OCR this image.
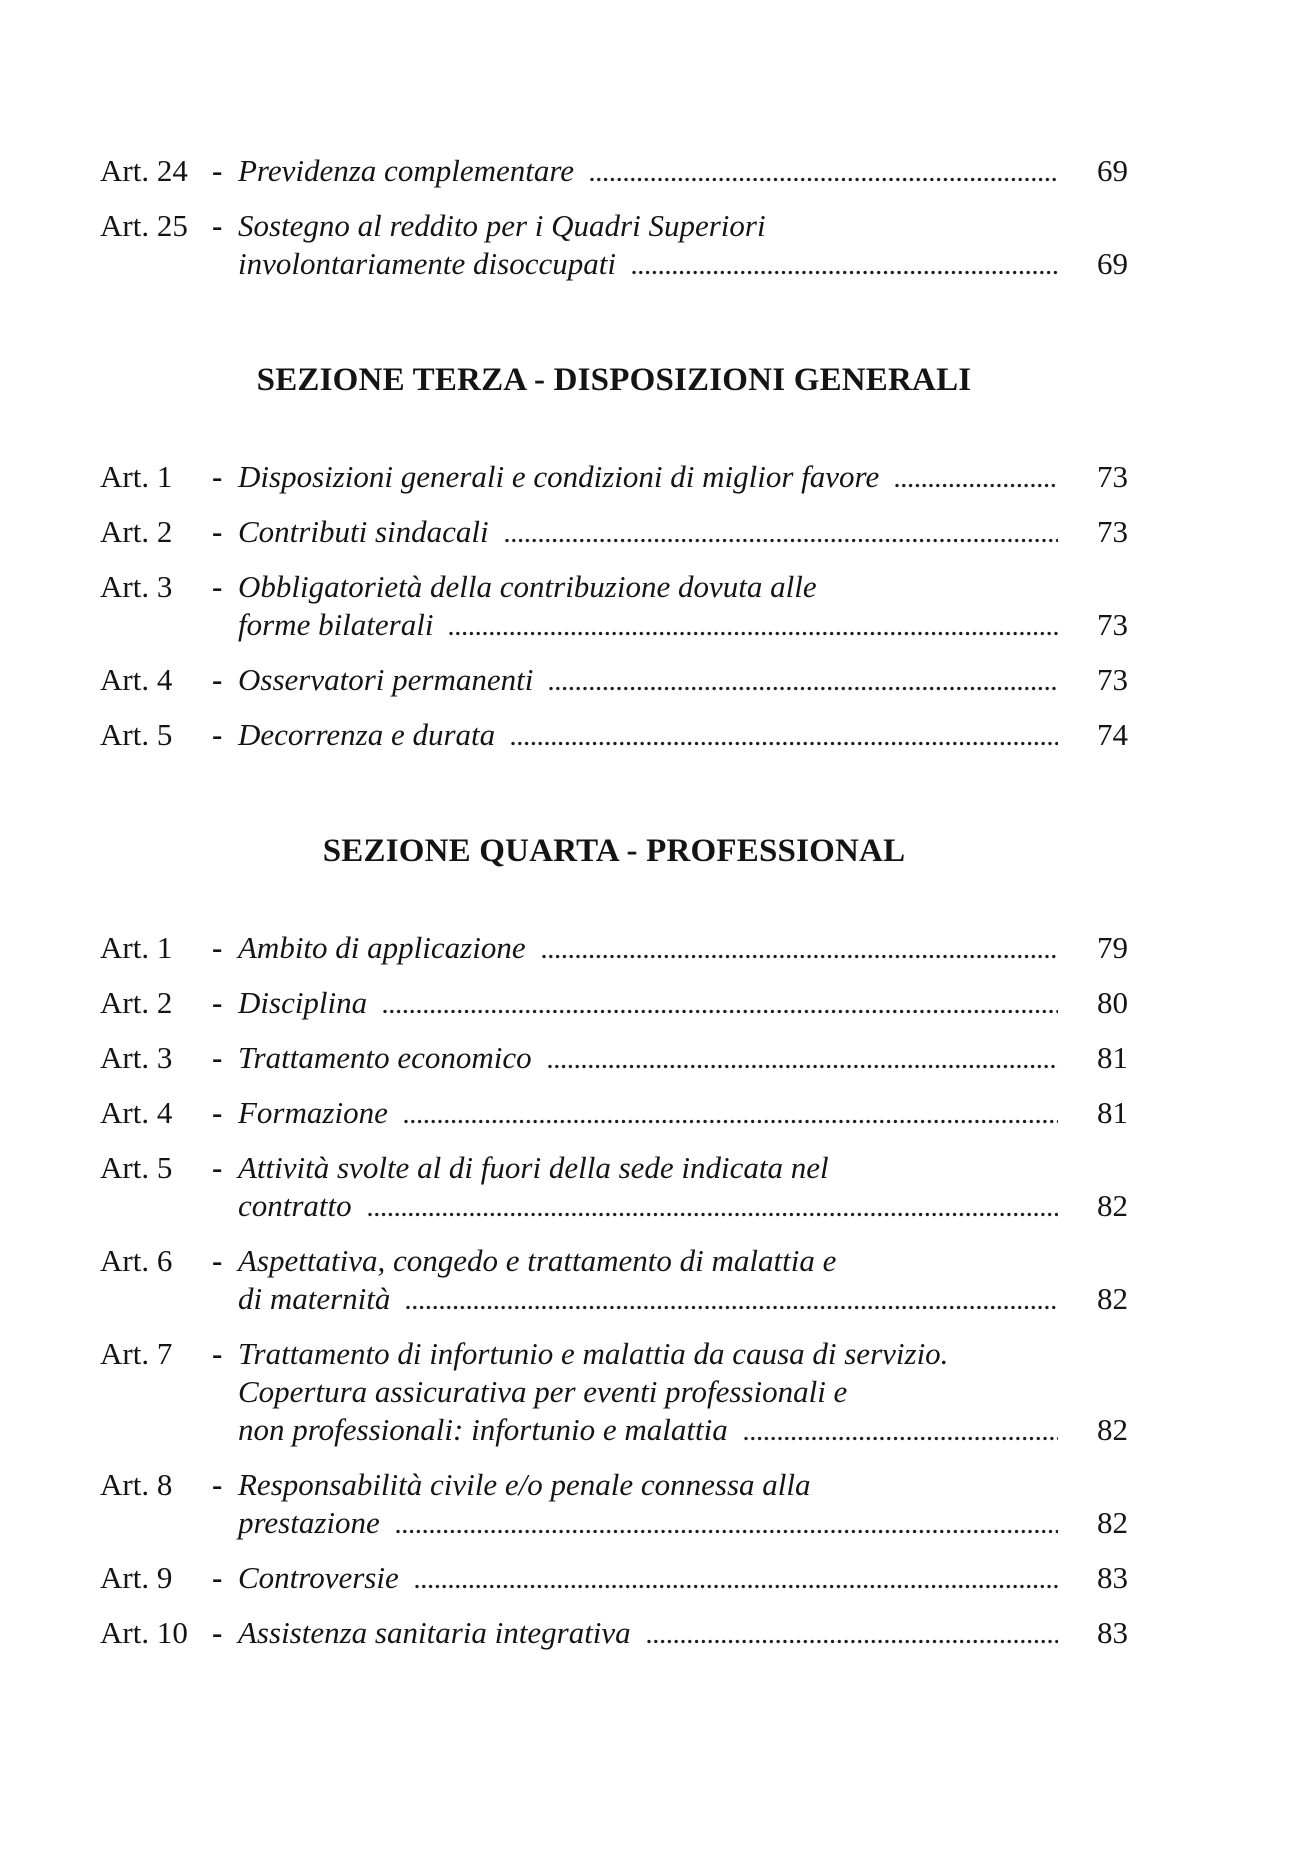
Art. 24 - Previdenza complementare	69
Art. 25 - Sostegno al reddito per i Quadri Superiori
involontariamente disoccupati	69
SEZIONE TERZA - DISPOSIZIONI GENERALI
Art. 1	- Disposizioni generali e condizioni di miglior favore	73
Art. 2	- Contributi sindacali	73
Art. 3	- Obbligatorietà della contribuzione dovuta alle
forme bilaterali	73
Art. 4	- Osservatori permanenti	73
Art. 5	- Decorrenza e durata	74
SEZIONE QUARTA - PROFESSIONAL
Art. 1	- Ambito di applicazione	79
Art. 2	- Disciplina	80
Art. 3	- Trattamento economico	81
Art. 4	- Formazione	81
Art. 5	- Attività svolte al di fuori della sede indicata nel
contratto	82
Art. 6	- Aspettativa, congedo e trattamento di malattia e
di maternità	82
Art. 7	- Trattamento di infortunio e malattia da causa di servizio.
Copertura assicurativa per eventi professionali e
non professionali: infortunio e malattia	82
Art. 8	- Responsabilità civile e/o penale connessa alla
prestazione	82
Art. 9	- Controversie	83
Art. 10 - Assistenza sanitaria integrativa	83
